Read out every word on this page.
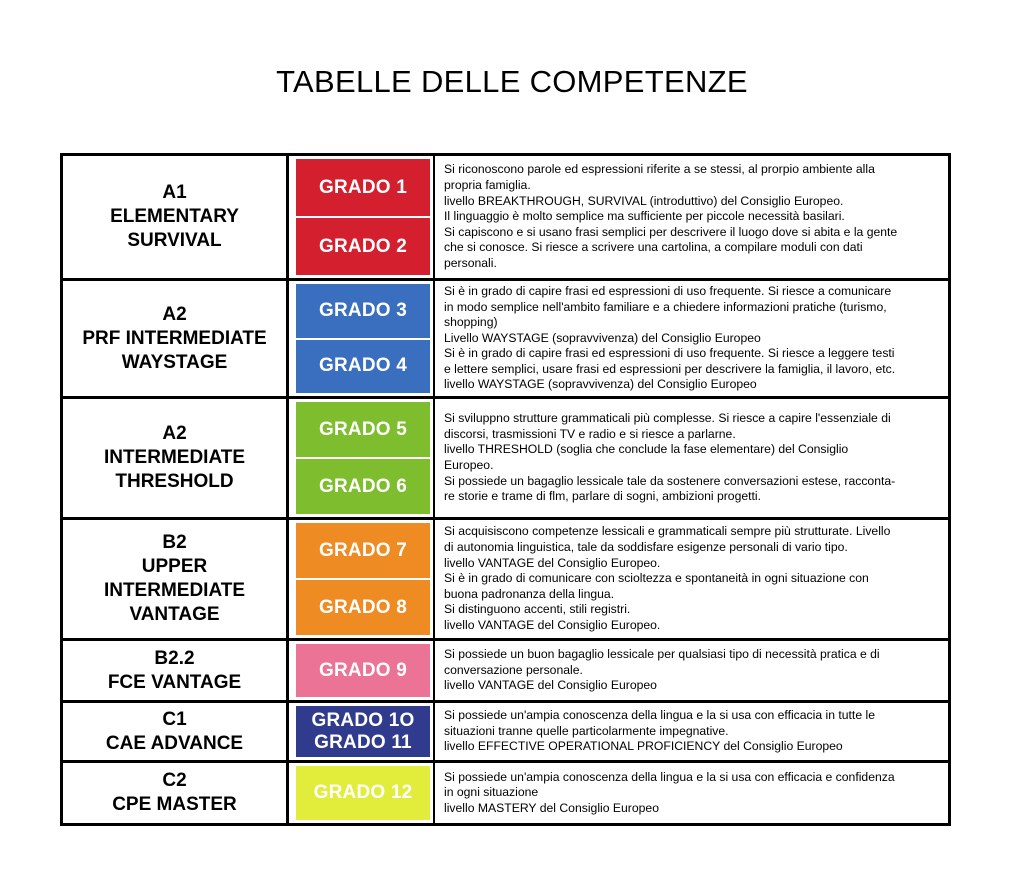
TABELLE DELLE COMPETENZE
A1
ELEMENTARY
SURVIVAL
GRADO 1
GRADO 2
Si riconoscono parole ed espressioni riferite a se stessi, al prorpio ambiente alla
propria famiglia.
livello BREAKTHROUGH, SURVIVAL (introduttivo) del Consiglio Europeo.
Il linguaggio è molto semplice ma sufficiente per piccole necessità basilari.
Si capiscono e si usano frasi semplici per descrivere il luogo dove si abita e la gente
che si conosce. Si riesce a scrivere una cartolina, a compilare moduli con dati
personali.
A2
PRF INTERMEDIATE
WAYSTAGE
GRADO 3
GRADO 4
Si è in grado di capire frasi ed espressioni di uso frequente. Si riesce a comunicare
in modo semplice nell'ambito familiare e a chiedere informazioni pratiche (turismo,
shopping)
Livello WAYSTAGE (sopravvivenza) del Consiglio Europeo
Si è in grado di capire frasi ed espressioni di uso frequente. Si riesce a leggere testi
e lettere semplici, usare frasi ed espressioni per descrivere la famiglia, il lavoro, etc.
livello WAYSTAGE (sopravvivenza) del Consiglio Europeo
A2
INTERMEDIATE
THRESHOLD
GRADO 5
GRADO 6
Si sviluppno strutture grammaticali più complesse. Si riesce a capire l'essenziale di
discorsi, trasmissioni TV e radio e si riesce a parlarne.
livello THRESHOLD (soglia che conclude la fase elementare) del Consiglio
Europeo.
Si possiede un bagaglio lessicale tale da sostenere conversazioni estese, racconta-
re storie e trame di flm, parlare di sogni, ambizioni progetti.
B2
UPPER
INTERMEDIATE
VANTAGE
GRADO 7
GRADO 8
Si acquisiscono competenze lessicali e grammaticali sempre più strutturate. Livello
di autonomia linguistica, tale da soddisfare esigenze personali di vario tipo.
livello VANTAGE del Consiglio Europeo.
Si è in grado di comunicare con scioltezza e spontaneità in ogni situazione con
buona padronanza della lingua.
Si distinguono accenti, stili registri.
livello VANTAGE del Consiglio Europeo.
B2.2
FCE VANTAGE
GRADO 9
Si possiede un buon bagaglio lessicale per qualsiasi tipo di necessità pratica e di
conversazione personale.
livello VANTAGE del Consiglio Europeo
C1
CAE ADVANCE
GRADO 1O
GRADO 11
Si possiede un'ampia conoscenza della lingua e la si usa con efficacia in tutte le
situazioni tranne quelle particolarmente impegnative.
livello EFFECTIVE OPERATIONAL PROFICIENCY del Consiglio Europeo
C2
CPE MASTER
GRADO 12
Si possiede un'ampia conoscenza della lingua e la si usa con efficacia e confidenza
in ogni situazione
livello MASTERY del Consiglio Europeo
